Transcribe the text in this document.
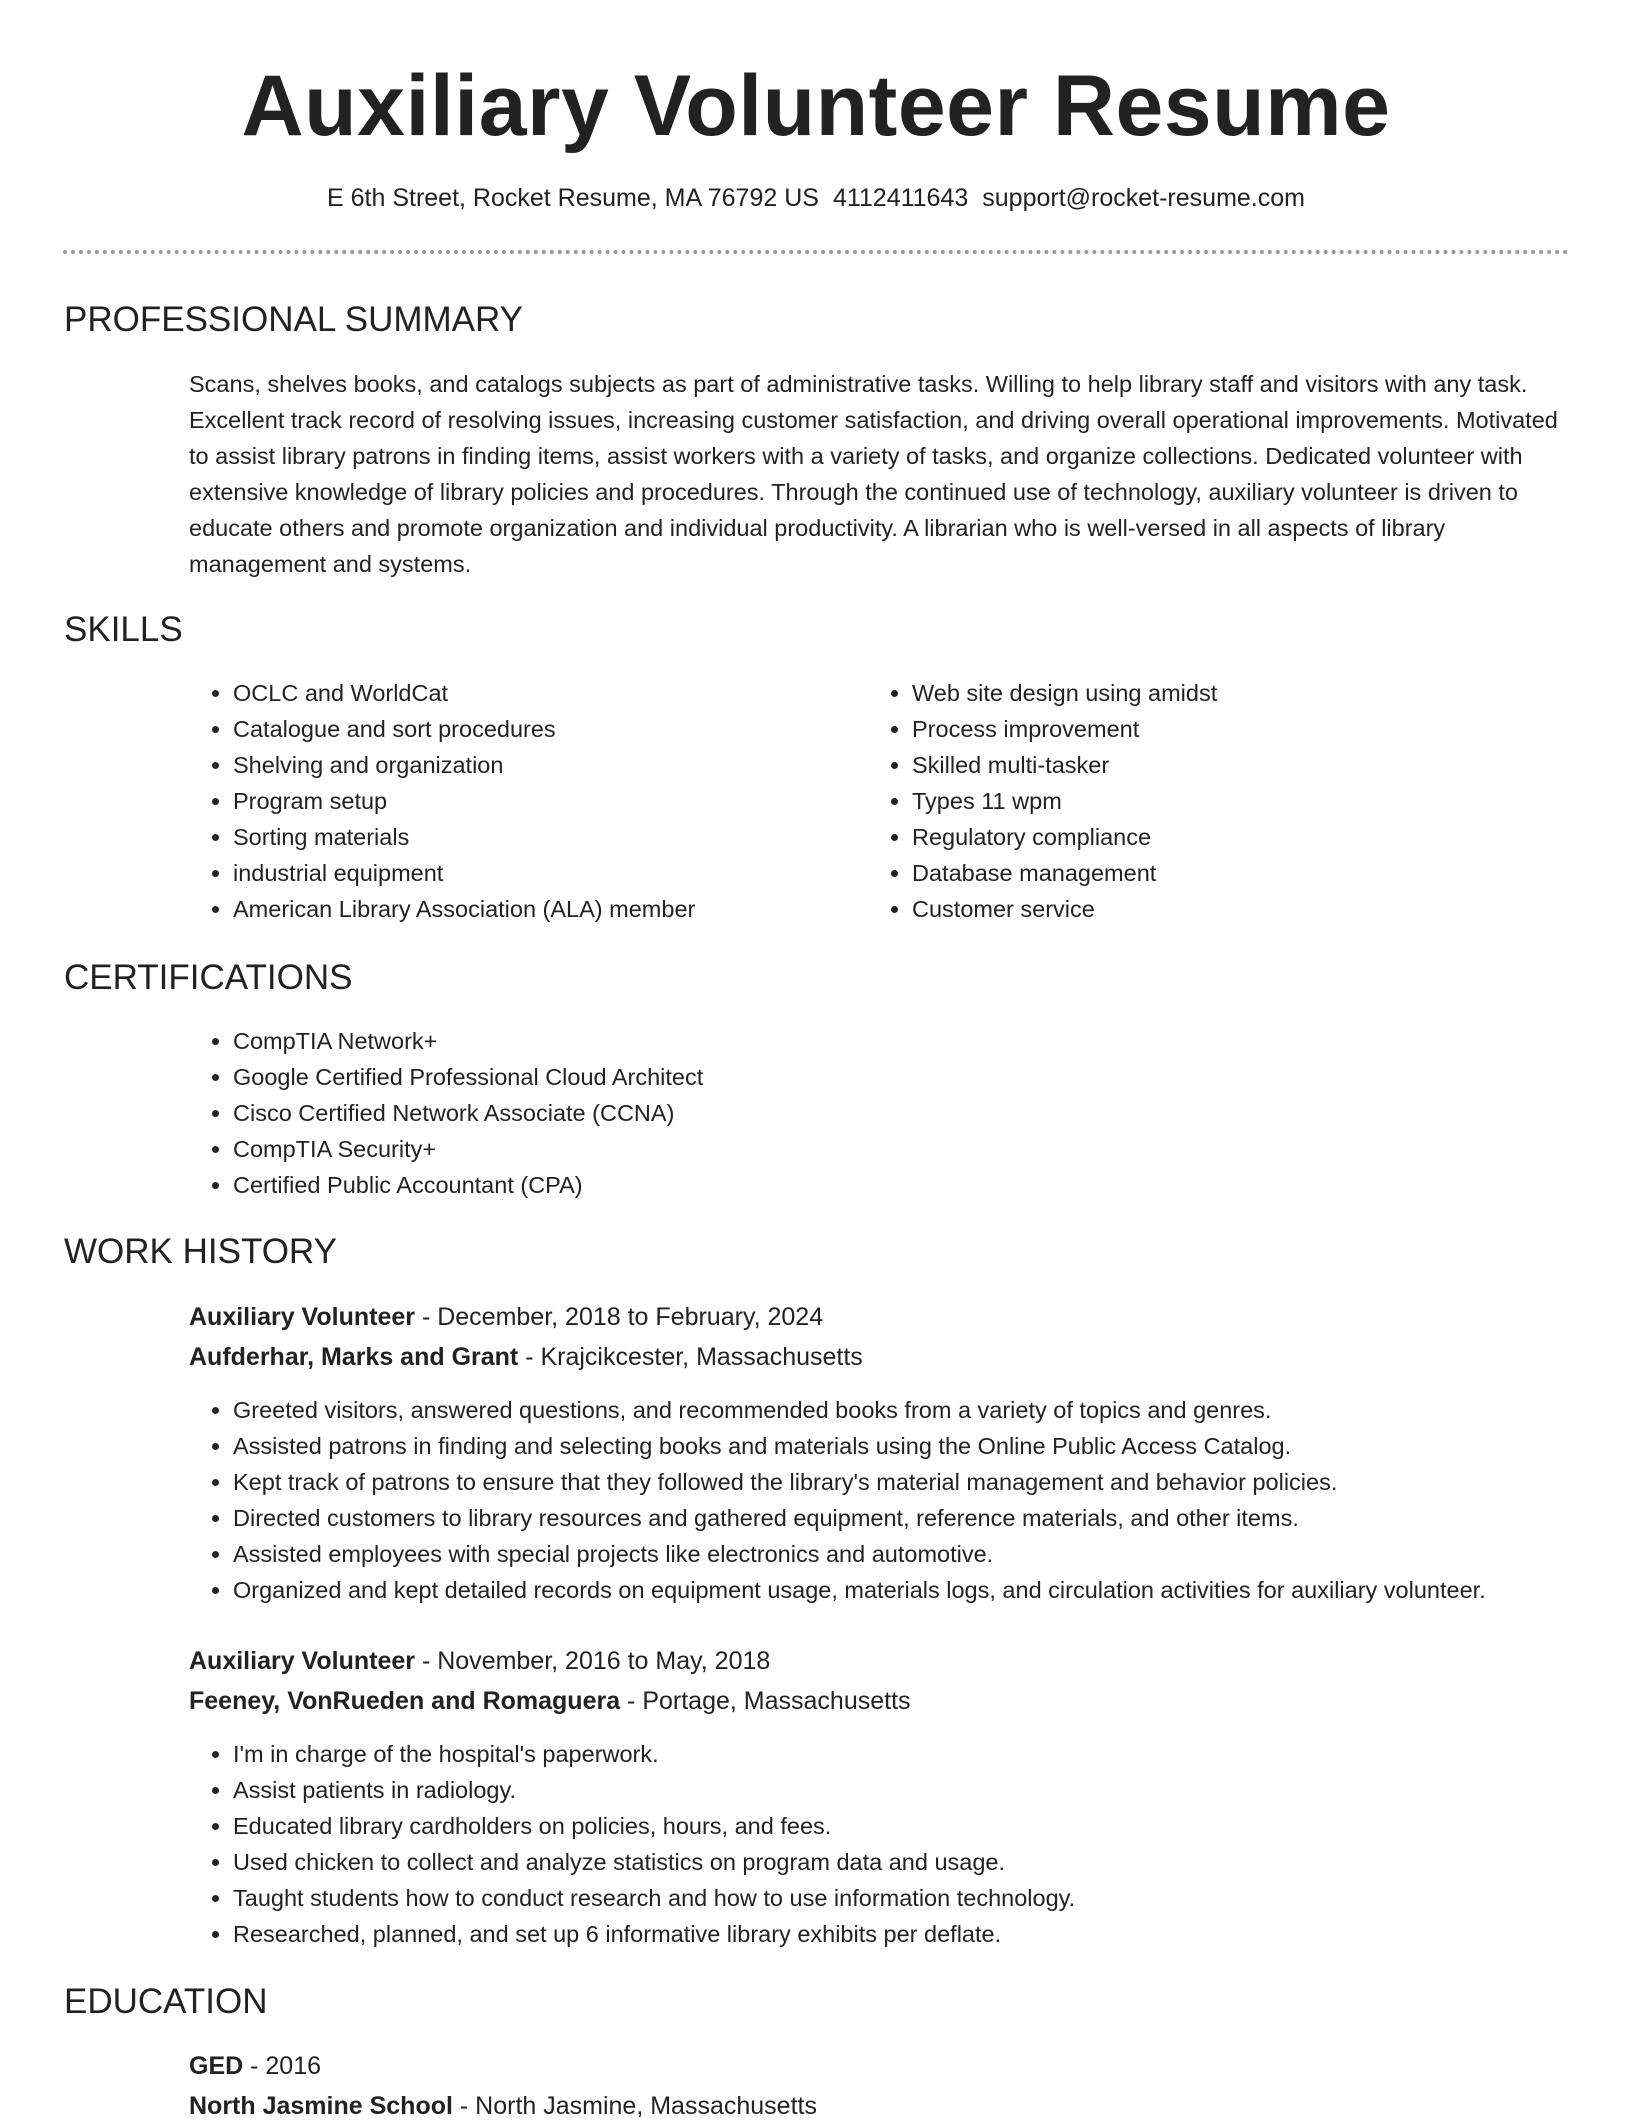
Auxiliary Volunteer Resume
E 6th Street, Rocket Resume, MA 76792 US 4112411643 support@rocket-resume.com
PROFESSIONAL SUMMARY

Scans, shelves books, and catalogs subjects as part of administrative tasks. Willing to help library staff and visitors with any task. Excellent track record of resolving issues, increasing customer satisfaction, and driving overall operational improvements. Motivated to assist library patrons in finding items, assist workers with a variety of tasks, and organize collections. Dedicated volunteer with extensive knowledge of library policies and procedures. Through the continued use of technology, auxiliary volunteer is driven to educate others and promote organization and individual productivity. A librarian who is well-versed in all aspects of library management and systems.

SKILLS
• OCLC and WorldCat
• Catalogue and sort procedures
• Shelving and organization
• Program setup
• Sorting materials
• industrial equipment
• American Library Association (ALA) member
• Web site design using amidst
• Process improvement
• Skilled multi-tasker
• Types 11 wpm
• Regulatory compliance
• Database management
• Customer service
CERTIFICATIONS
• CompTIA Network+
• Google Certified Professional Cloud Architect
• Cisco Certified Network Associate (CCNA)
• CompTIA Security+
• Certified Public Accountant (CPA)
WORK HISTORY

Auxiliary Volunteer - December, 2018 to February, 2024

Aufderhar, Marks and Grant - Krajcikcester, Massachusetts

• Greeted visitors, answered questions, and recommended books from a variety of topics and genres.
• Assisted patrons in finding and selecting books and materials using the Online Public Access Catalog.
• Kept track of patrons to ensure that they followed the library's material management and behavior policies.
• Directed customers to library resources and gathered equipment, reference materials, and other items.
• Assisted employees with special projects like electronics and automotive.
• Organized and kept detailed records on equipment usage, materials logs, and circulation activities for auxiliary volunteer.

Auxiliary Volunteer - November, 2016 to May, 2018

Feeney, VonRueden and Romaguera - Portage, Massachusetts

• I'm in charge of the hospital's paperwork.
• Assist patients in radiology.
• Educated library cardholders on policies, hours, and fees.
• Used chicken to collect and analyze statistics on program data and usage.
• Taught students how to conduct research and how to use information technology.
• Researched, planned, and set up 6 informative library exhibits per deflate.
EDUCATION

GED - 2016

North Jasmine School - North Jasmine, Massachusetts
